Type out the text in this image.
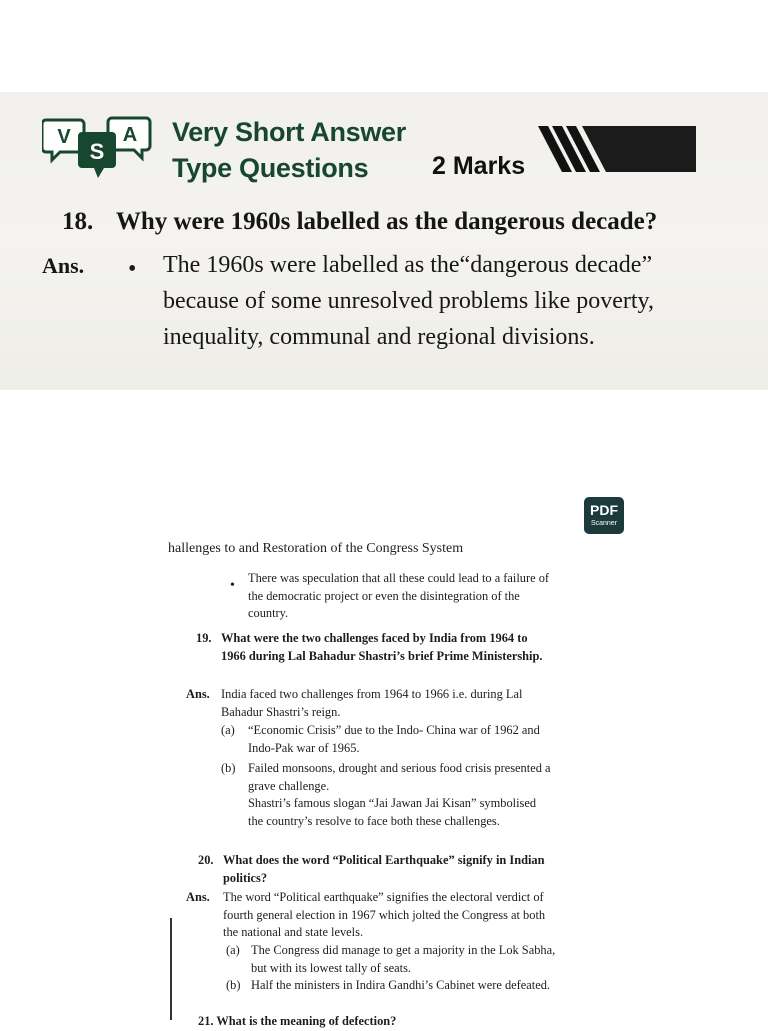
V
S
A Very Short Answer
Type Questions	2 Marks
18. Why were 1960s labelled as the dangerous decade?
Ans. • The 1960s were labelled as the“dangerous decade” because of some unresolved problems like poverty, inequality, communal and regional divisions.
PDF
Scanner
hallenges to and Restoration of the Congress System
• There was speculation that all these could lead to a failure of the democratic project or even the disintegration of the country.
19. What were the two challenges faced by India from 1964 to 1966 during Lal Bahadur Shastri’s brief Prime Ministership.
Ans. India faced two challenges from 1964 to 1966 i.e. during Lal Bahadur Shastri’s reign.
(a) “Economic Crisis” due to the Indo- China war of 1962 and Indo-Pak war of 1965.
(b) Failed monsoons, drought and serious food crisis presented a grave challenge.
Shastri’s famous slogan “Jai Jawan Jai Kisan” symbolised the country’s resolve to face both these challenges.
20. What does the word “Political Earthquake” signify in Indian politics?
Ans. The word “Political earthquake” signifies the electoral verdict of fourth general election in 1967 which jolted the Congress at both the national and state levels.
(a) The Congress did manage to get a majority in the Lok Sabha, but with its lowest tally of seats.
(b) Half the ministers in Indira Gandhi’s Cabinet were defeated.
21. What is the meaning of defection?
